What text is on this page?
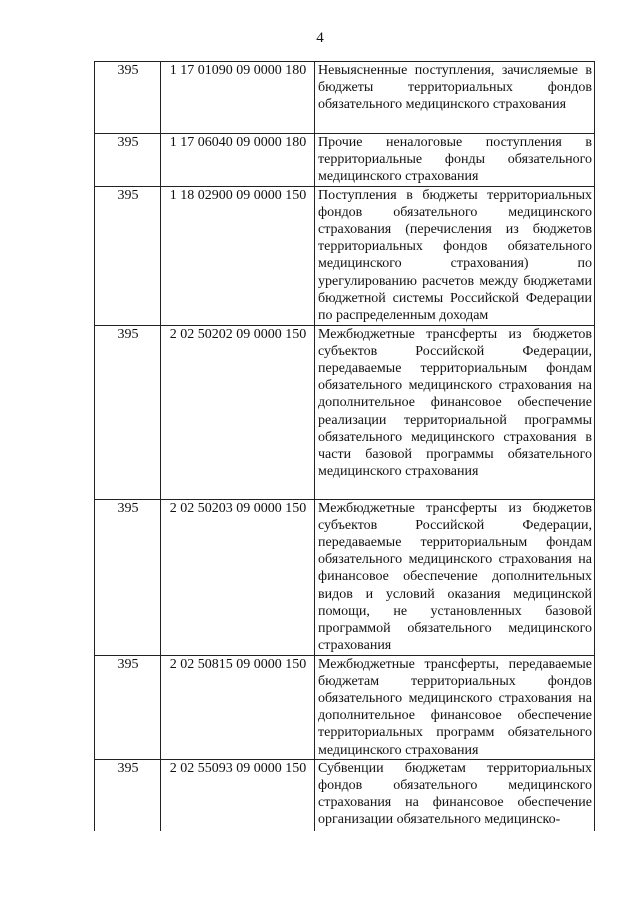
4
395	1 17 01090 09 0000 180	Невыясненные поступления, зачисляемые в бюджеты территориальных фондов обязательного медицинского страхования
395	1 17 06040 09 0000 180	Прочие неналоговые поступления в территориальные фонды обязательного медицинского страхования
395	1 18 02900 09 0000 150	Поступления в бюджеты территориальных фондов обязательного медицинского страхования (перечисления из бюджетов территориальных фондов обязательного медицинского страхования) по урегулированию расчетов между бюджетами бюджетной системы Российской Федерации по распределенным доходам
395	2 02 50202 09 0000 150	Межбюджетные трансферты из бюджетов субъектов Российской Федерации, передаваемые территориальным фондам обязательного медицинского страхования на дополнительное финансовое обеспечение реализации территориальной программы обязательного медицинского страхования в части базовой программы обязательного медицинского страхования
395	2 02 50203 09 0000 150	Межбюджетные трансферты из бюджетов субъектов Российской Федерации, передаваемые территориальным фондам обязательного медицинского страхования на финансовое обеспечение дополнительных видов и условий оказания медицинской помощи, не установленных базовой программой обязательного медицинского страхования
395	2 02 50815 09 0000 150	Межбюджетные трансферты, передаваемые бюджетам территориальных фондов обязательного медицинского страхования на дополнительное финансовое обеспечение территориальных программ обязательного медицинского страхования
395	2 02 55093 09 0000 150	Субвенции бюджетам территориальных фондов обязательного медицинского страхования на финансовое обеспечение организации обязательного медицинско-
